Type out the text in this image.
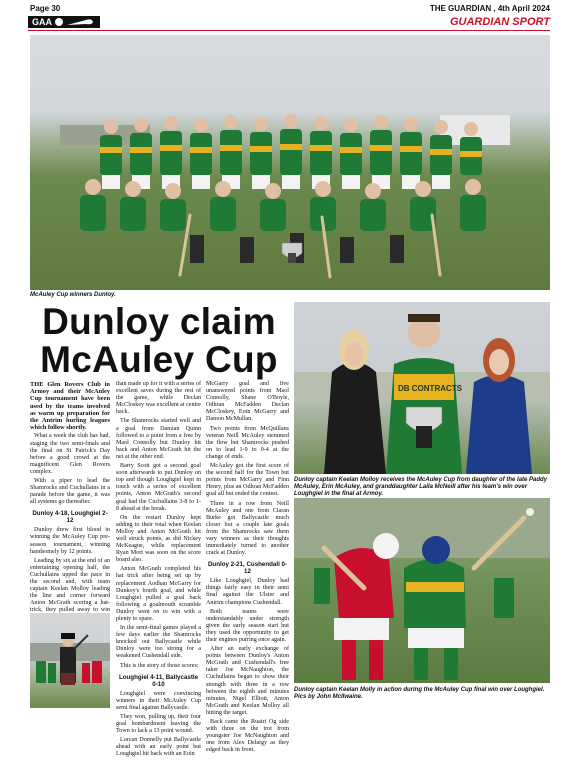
Page 30	THE GUARDIAN , 4th April 2024
GAA	GUARDIAN SPORT
McAuley Cup winners Dunloy.
Dunloy claim
McAuley Cup

THE Glen Rovers Club in Armoy and their McAuley Cup tournament have been used by the teams involved as warm up preparation for the Antrim hurling leagues which follow shortly.

What a week the club has had, staging the two semi-finals and the final on St Patrick's Day before a good crowd at the magnificent Glen Rovers complex.

With a piper to lead the Shamrocks and Cuchullains in a parade before the game, it was all systems go thereafter.

Dunloy 4-18, Loughgiel 2-12

Dunloy drew first blood in winning the McAuley Cup pre-season tournament, winning handsomely by 12 points.

Leading by six at the end of an entertaining opening half, the Cuchullains upped the pace in the second and, with team captain Keelan Molloy leading the line and corner forward Anton McGrath scoring a hat-trick, they pulled away to win

than made up for it with a series of excellent saves during the rest of the game, while Declan McCloskey was excellent at centre back.

The Shamrocks started well and a goal from Damian Quinn followed to a point from a free by Maol Connolly but Dunloy hit back and Anton McGrath hit the net at the other end.

Barry Scott got a second goal soon afterwards to put Dunloy on top and though Loughgiel kept in touch with a series of excellent points, Anton McGrath's second goal had the Cuchullains 3-8 to 1-8 ahead at the break.

On the restart Dunloy kept adding to their total when Keelan Molloy and Anton McGrath hit well struck points, as did Nickey McKeague, while replacement Ryan Mort was soon on the score board also.

Anton McGrath completed his hat trick after being set up by replacement Aodhan McGarry for Dunkoy's fourth goal, and while Loughgiel pulled a goal back following a goalmouth scramble Dunloy went on to win with a plenty to spare.

In the semi-final games played a few days earlier the Shamrocks knocked out Ballycastle while Dunloy were too strong for a weakened Cushendall side.

This is the story of those scores:

Loughgiel 4-11, Ballycastle 0-10

Loughgiel were convincing winners in their McAuley Cup semi final against Ballycastle.

They won, pulling up, their four goal bombardment leaving the Town to lack a 13 point wound.

Lorcan Donnelly put Ballycastle ahead with an early point but Loughgiel hit back with an Eoin

McGarry goal and five unanswered points from Maol Connolly, Shane O'Boyle, Odhran McFadden Declan McCloskey, Eoin McGarry and Damon McMullan.

Two points from McQuillans veteran Neill McAuley stemmed the flow but Shamrocks pushed on to lead 1-9 to 0-4 at the change of ends.

McAuley got the first score of the second half for the Town but points from McGarry and Finn Henry, plus an Odhran McFadden goal all but ended the contest.

Three in a row from Neill McAuley and one from Ciaran Burke got Ballycastle much closer but a couple late goals from the Shamrocks saw them vary winners as their thoughts immediately turned to another crack at Dunloy.

Dunloy 2-21, Cushendall 0-12

Like Loughgiel, Dunloy had things fairly easy in their semi final against the Ulster and Antrim champions Cushendall.

Both teams were understandably under strength given the early season start but they used the opportunity to get their engines purring once again.

After an early exchange of points between Dunloy's Anton McGrath and Cushendall's free taker Joe McNaughton, the Cuchullains began to show their strength with three in a row between the eighth and minutes minutes, Nigel Elliott, Anton McGrath and Keelan Molloy all hitting the target.

Back came the Ruairi Og side with three on the trot from youngster Joe McNaughton and one from Alex Delargy as they edged back in front.

DB CONTRACTS
Dunloy captain Keelan Molloy receives the McAuley Cup from daughter of the late Paddy McAuley, Erin McAuley, and granddaughter Laila McNeill after his team's win over Loughgiel in the final at Armoy.
Dunloy captain Keelan Molly in action during the McAuley Cup final win over Loughgiel. Pics by John McIlwaine.
